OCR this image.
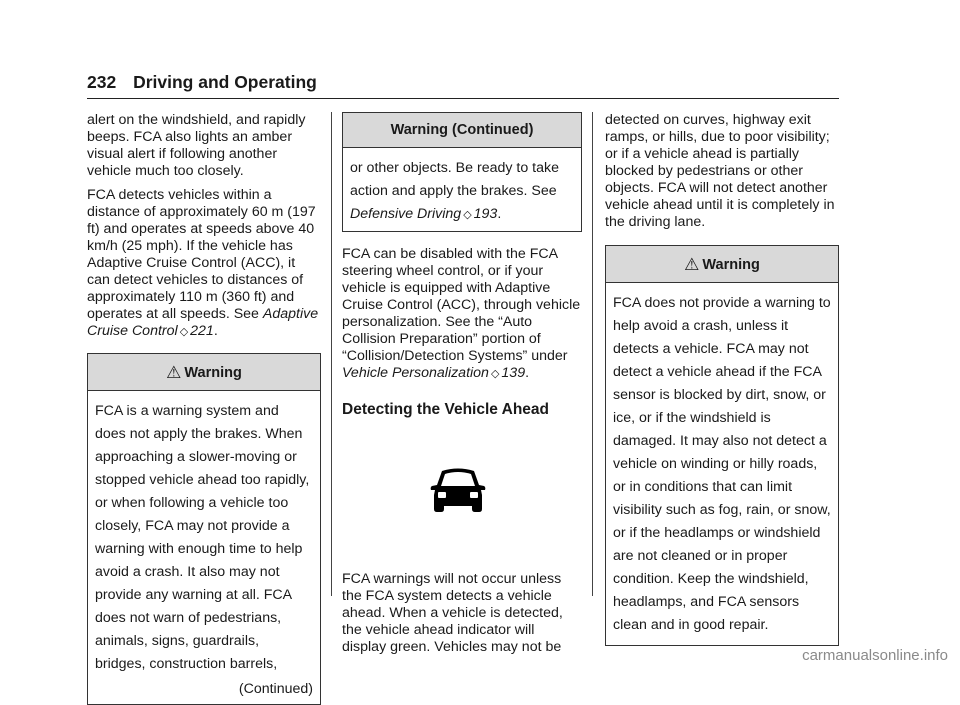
232 Driving and Operating

alert on the windshield, and rapidly beeps. FCA also lights an amber visual alert if following another vehicle much too closely.

FCA detects vehicles within a distance of approximately 60 m (197 ft) and operates at speeds above 40 km/h (25 mph). If the vehicle has Adaptive Cruise Control (ACC), it can detect vehicles to distances of approximately 110 m (360 ft) and operates at all speeds. See Adaptive Cruise Control ◇ 221.

⚠ Warning

FCA is a warning system and does not apply the brakes. When approaching a slower-moving or stopped vehicle ahead too rapidly, or when following a vehicle too closely, FCA may not provide a warning with enough time to help avoid a crash. It also may not provide any warning at all. FCA does not warn of pedestrians, animals, signs, guardrails, bridges, construction barrels,

(Continued)
Warning (Continued)

or other objects. Be ready to take action and apply the brakes. See
Defensive Driving ◇ 193.

FCA can be disabled with the FCA steering wheel control, or if your vehicle is equipped with Adaptive Cruise Control (ACC), through vehicle personalization. See the “Auto Collision Preparation” portion of “Collision/Detection Systems” under Vehicle Personalization ◇ 139.

Detecting the Vehicle Ahead

FCA warnings will not occur unless the FCA system detects a vehicle ahead. When a vehicle is detected, the vehicle ahead indicator will display green. Vehicles may not be

detected on curves, highway exit ramps, or hills, due to poor visibility; or if a vehicle ahead is partially blocked by pedestrians or other objects. FCA will not detect another vehicle ahead until it is completely in the driving lane.

⚠ Warning

FCA does not provide a warning to help avoid a crash, unless it detects a vehicle. FCA may not detect a vehicle ahead if the FCA sensor is blocked by dirt, snow, or ice, or if the windshield is damaged. It may also not detect a vehicle on winding or hilly roads, or in conditions that can limit visibility such as fog, rain, or snow, or if the headlamps or windshield are not cleaned or in proper condition. Keep the windshield, headlamps, and FCA sensors clean and in good repair.

carmanualsonline.info
